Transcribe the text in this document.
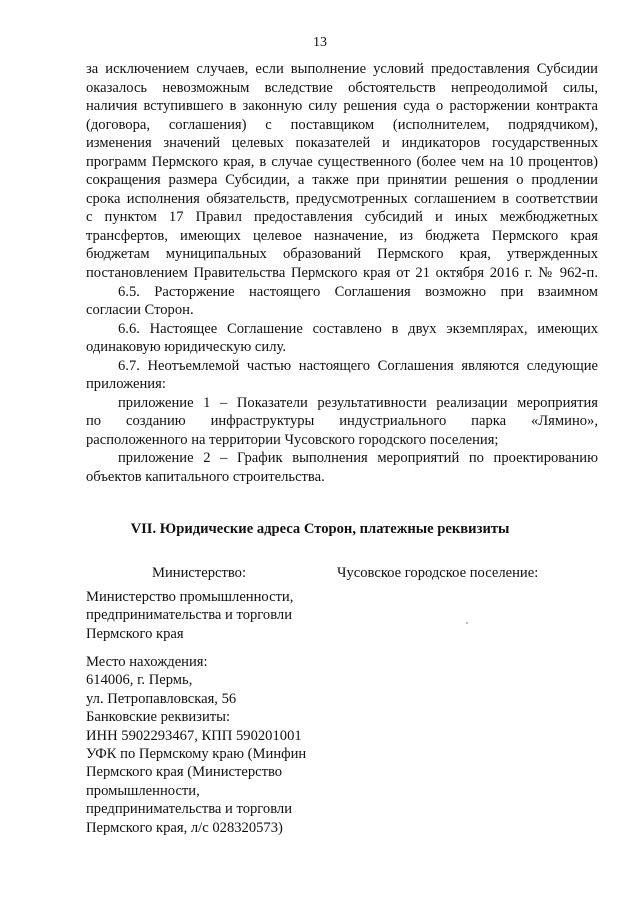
13
за исключением случаев, если выполнение условий предоставления Субсидии
оказалось невозможным вследствие обстоятельств непреодолимой силы,
наличия вступившего в законную силу решения суда о расторжении контракта
(договора, соглашения) с поставщиком (исполнителем, подрядчиком),
изменения значений целевых показателей и индикаторов государственных
программ Пермского края, в случае существенного (более чем на 10 процентов)
сокращения размера Субсидии, а также при принятии решения о продлении
срока исполнения обязательств, предусмотренных соглашением в соответствии
с пунктом 17 Правил предоставления субсидий и иных межбюджетных
трансфертов, имеющих целевое назначение, из бюджета Пермского края
бюджетам муниципальных образований Пермского края, утвержденных
постановлением Правительства Пермского края от 21 октября 2016 г. № 962-п.
6.5. Расторжение настоящего Соглашения возможно при взаимном
согласии Сторон.
6.6. Настоящее Соглашение составлено в двух экземплярах, имеющих
одинаковую юридическую силу.
6.7. Неотъемлемой частью настоящего Соглашения являются следующие
приложения:
приложение 1 – Показатели результативности реализации мероприятия
по созданию инфраструктуры индустриального парка «Лямино»,
расположенного на территории Чусовского городского поселения;
приложение 2 – График выполнения мероприятий по проектированию
объектов капитального строительства.
VII. Юридические адреса Сторон, платежные реквизиты
Министерство:	Чусовское городское поселение:
Министерство промышленности,
предпринимательства и торговли
Пермского края
Место нахождения:
614006, г. Пермь,
ул. Петропавловская, 56
Банковские реквизиты:
ИНН 5902293467, КПП 590201001
УФК по Пермскому краю (Минфин
Пермского края (Министерство
промышленности,
предпринимательства и торговли
Пермского края, л/с 028320573)
